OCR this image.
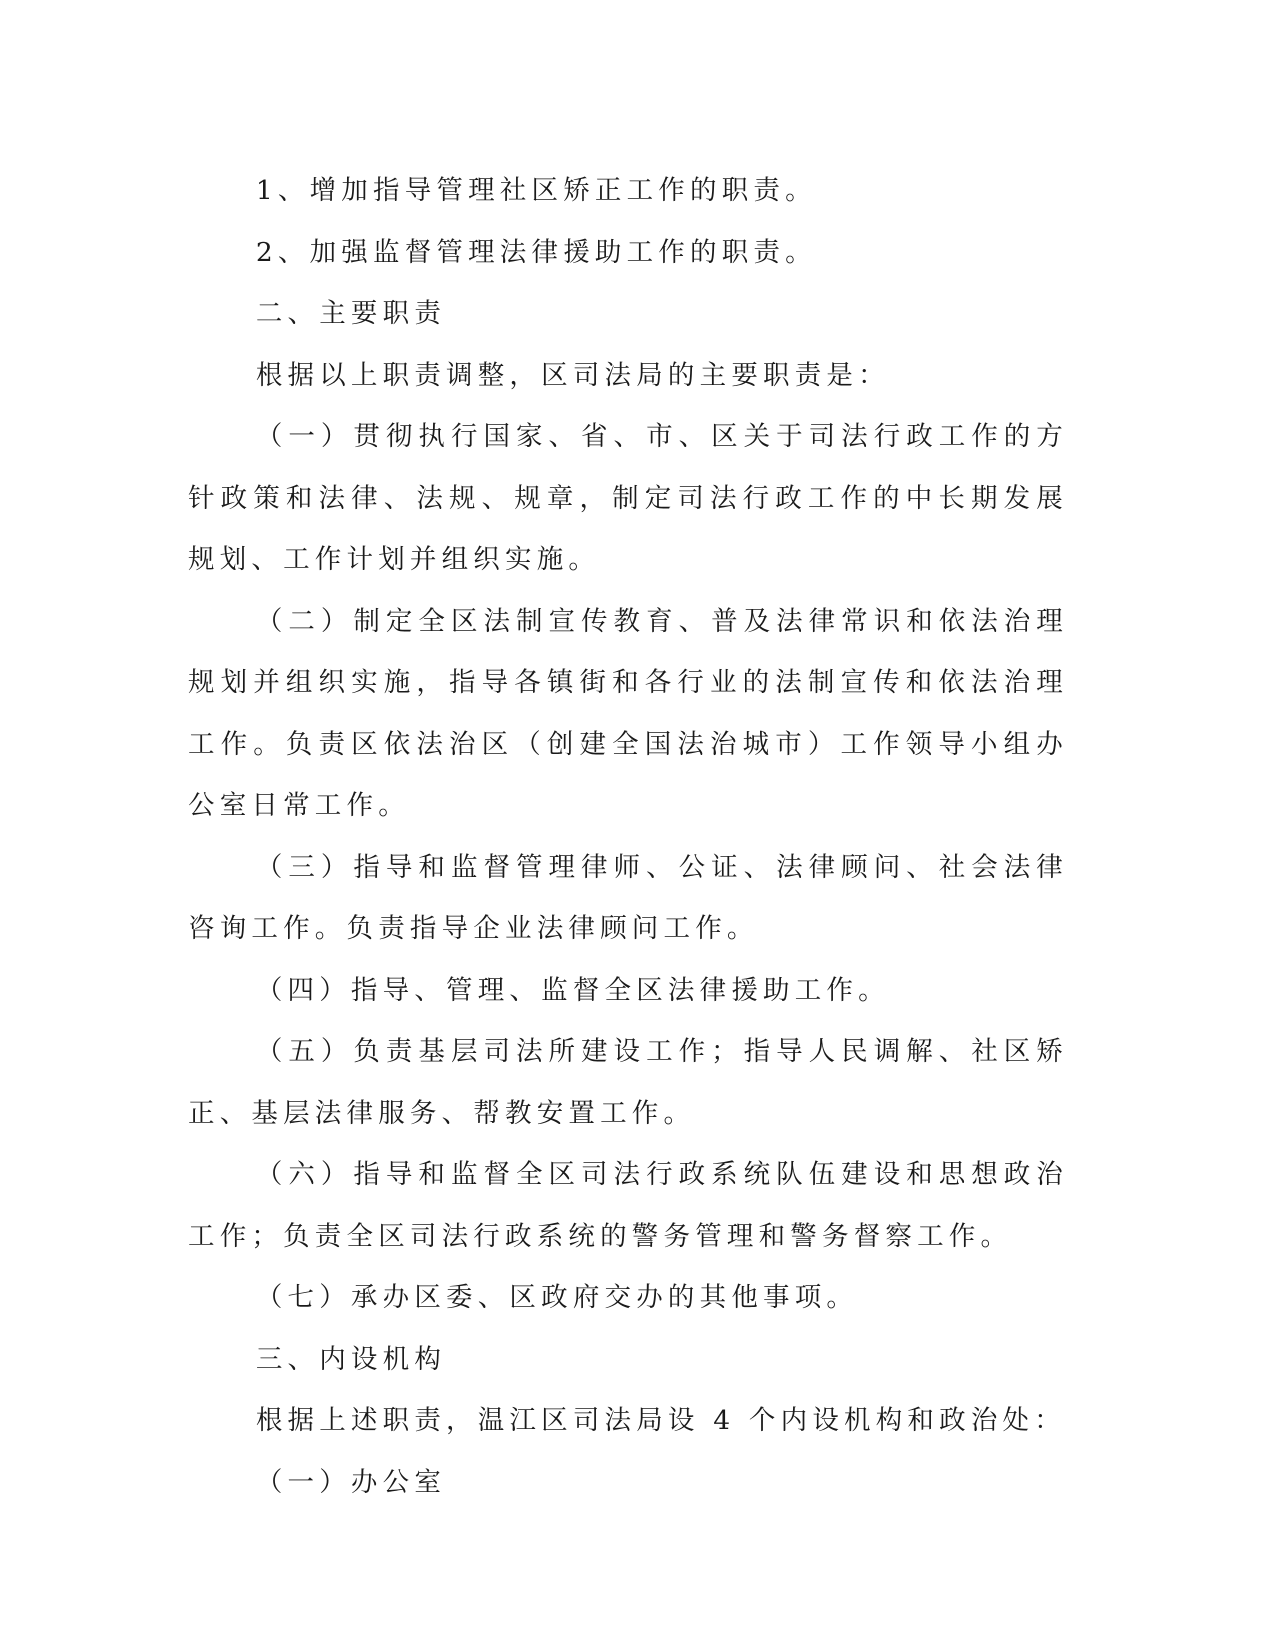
1、增加指导管理社区矫正工作的职责。

2、加强监督管理法律援助工作的职责。

二、主要职责

根据以上职责调整，区司法局的主要职责是：

（一）贯彻执行国家、省、市、区关于司法行政工作的方针政策和法律、法规、规章，制定司法行政工作的中长期发展规划、工作计划并组织实施。

（二）制定全区法制宣传教育、普及法律常识和依法治理规划并组织实施，指导各镇街和各行业的法制宣传和依法治理工作。负责区依法治区（创建全国法治城市）工作领导小组办公室日常工作。

（三）指导和监督管理律师、公证、法律顾问、社会法律咨询工作。负责指导企业法律顾问工作。

（四）指导、管理、监督全区法律援助工作。

（五）负责基层司法所建设工作；指导人民调解、社区矫正、基层法律服务、帮教安置工作。

（六）指导和监督全区司法行政系统队伍建设和思想政治工作；负责全区司法行政系统的警务管理和警务督察工作。

（七）承办区委、区政府交办的其他事项。

三、内设机构

根据上述职责，温江区司法局设 4 个内设机构和政治处：

（一）办公室
